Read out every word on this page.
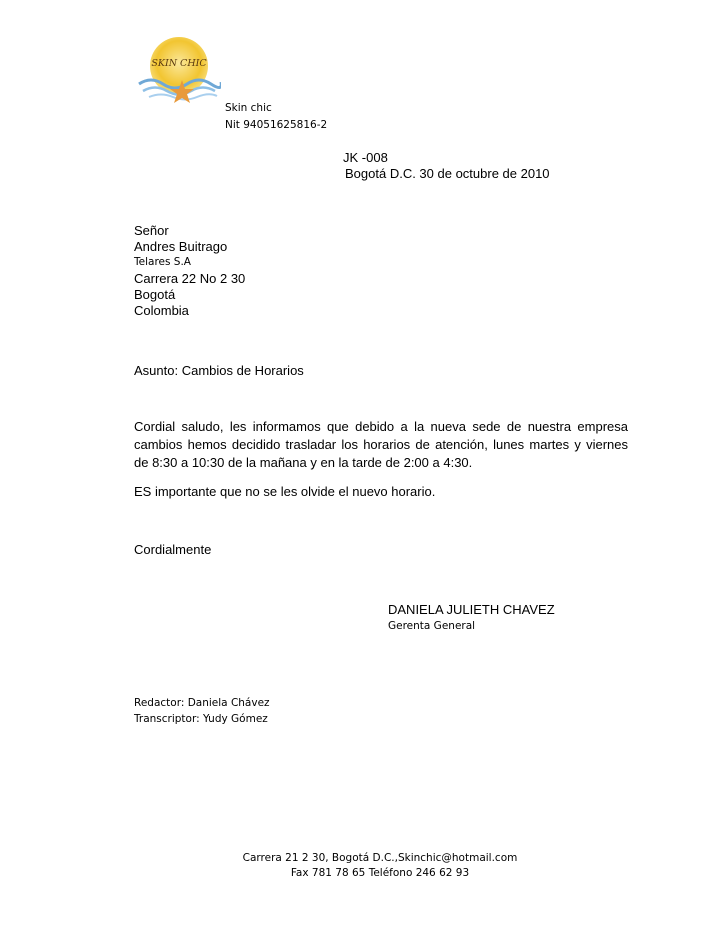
SKIN CHIC
Skin chic
Nit 94051625816-2
JK -008
Bogotá D.C. 30 de octubre de 2010
Señor
Andres Buitrago
Telares S.A
Carrera 22 No 2 30
Bogotá
Colombia
Asunto: Cambios de Horarios
Cordial saludo, les informamos que debido a la nueva sede de nuestra empresa cambios hemos decidido trasladar los horarios de atención, lunes martes y viernes de 8:30 a 10:30 de la mañana y en la tarde de 2:00 a 4:30.
ES importante que no se les olvide el nuevo horario.
Cordialmente
DANIELA JULIETH CHAVEZ
Gerenta General
Redactor: Daniela Chávez
Transcriptor: Yudy Gómez
Carrera 21 2 30, Bogotá D.C.,Skinchic@hotmail.com
Fax 781 78 65 Teléfono 246 62 93
